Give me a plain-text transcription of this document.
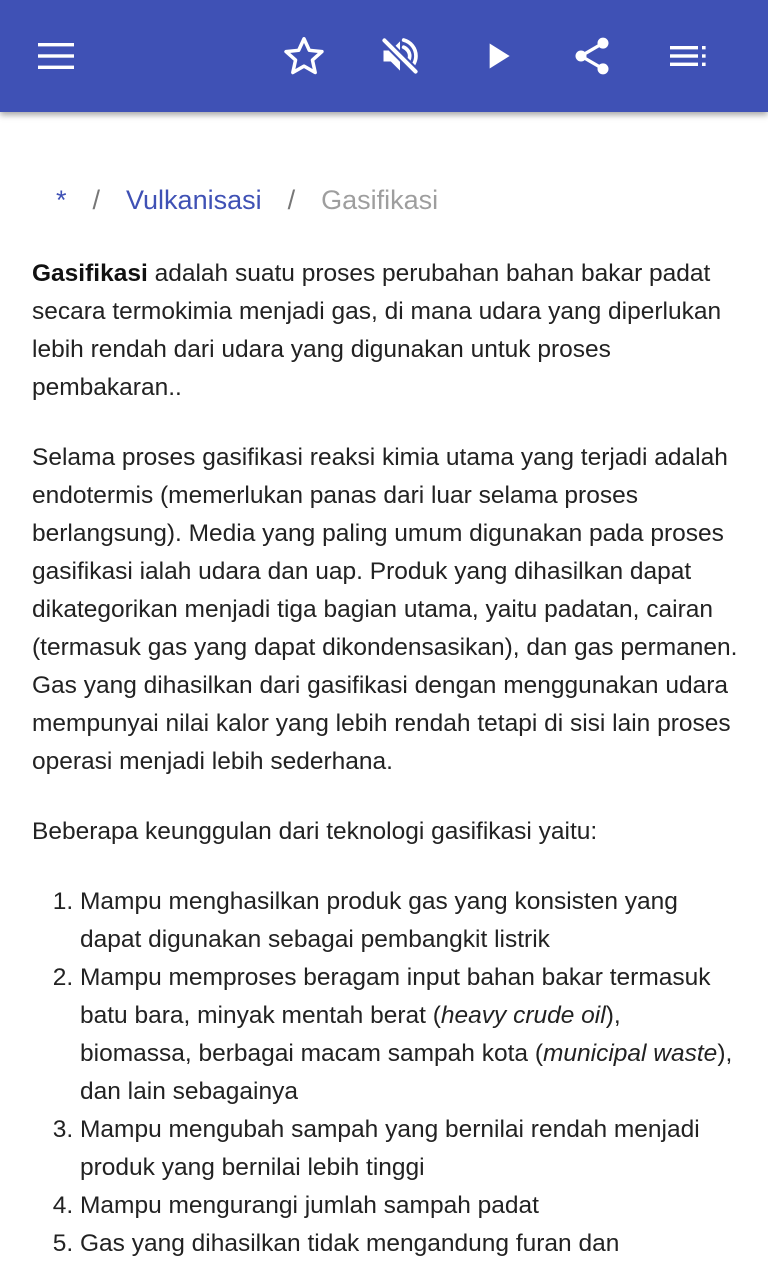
* / Vulkanisasi / Gasifikasi

Gasifikasi adalah suatu proses perubahan bahan bakar padat secara termokimia menjadi gas, di mana udara yang diperlukan lebih rendah dari udara yang digunakan untuk proses pembakaran..

Selama proses gasifikasi reaksi kimia utama yang terjadi adalah endotermis (memerlukan panas dari luar selama proses berlangsung). Media yang paling umum digunakan pada proses gasifikasi ialah udara dan uap. Produk yang dihasilkan dapat dikategorikan menjadi tiga bagian utama, yaitu padatan, cairan (termasuk gas yang dapat dikondensasikan), dan gas permanen. Gas yang dihasilkan dari gasifikasi dengan menggunakan udara mempunyai nilai kalor yang lebih rendah tetapi di sisi lain proses operasi menjadi lebih sederhana.

Beberapa keunggulan dari teknologi gasifikasi yaitu:

1. Mampu menghasilkan produk gas yang konsisten yang dapat digunakan sebagai pembangkit listrik
2. Mampu memproses beragam input bahan bakar termasuk batu bara, minyak mentah berat (heavy crude oil), biomassa, berbagai macam sampah kota (municipal waste), dan lain sebagainya
3. Mampu mengubah sampah yang bernilai rendah menjadi produk yang bernilai lebih tinggi
4. Mampu mengurangi jumlah sampah padat
5. Gas yang dihasilkan tidak mengandung furan dan
